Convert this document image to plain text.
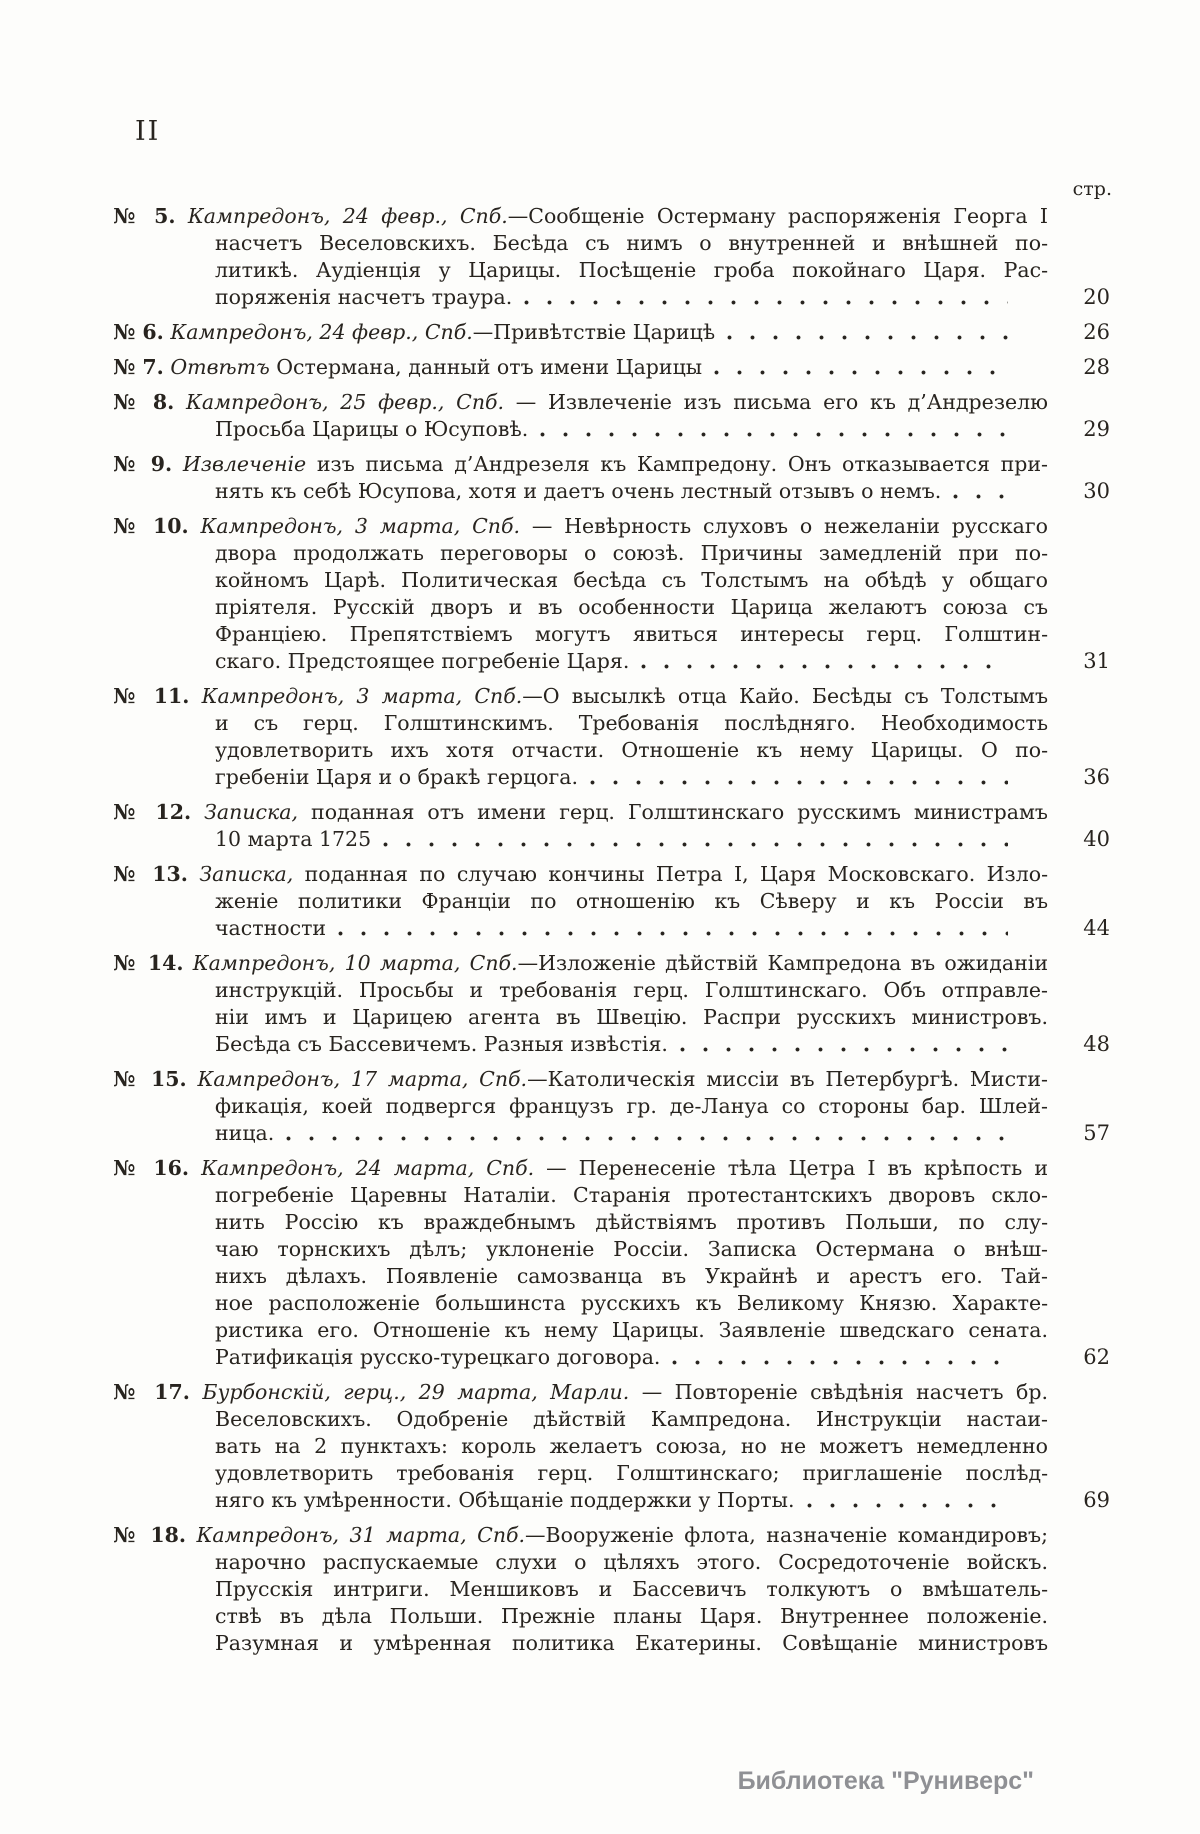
II
стр.
№ 5. Кампредонъ, 24 февр., Спб.—Сообщеніе Остерману распоряженія Георга I
насчетъ Веселовскихъ. Бесѣда съ нимъ о внутренней и внѣшней по-
литикѣ. Аудіенція у Царицы. Посѣщеніе гроба покойнаго Царя. Рас-
поряженія насчетъ траура.	20
№ 6. Кампредонъ, 24 февр., Спб.—Привѣтствіе Царицѣ	26
№ 7. Отвѣтъ Остермана, данный отъ имени Царицы	28
№ 8. Кампредонъ, 25 февр., Спб. — Извлеченіе изъ письма его къ д’Андрезелю
Просьба Царицы о Юсуповѣ.	29
№ 9. Извлеченіе изъ письма д’Андрезеля къ Кампредону. Онъ отказывается при-
нять къ себѣ Юсупова, хотя и даетъ очень лестный отзывъ о немъ.	30
№ 10. Кампредонъ, 3 марта, Спб. — Невѣрность слуховъ о нежеланіи русскаго
двора продолжать переговоры о союзѣ. Причины замедленій при по-
койномъ Царѣ. Политическая бесѣда съ Толстымъ на обѣдѣ у общаго
пріятеля. Русскій дворъ и въ особенности Царица желаютъ союза съ
Франціею. Препятствіемъ могутъ явиться интересы герц. Голштин-
скаго. Предстоящее погребеніе Царя.	31
№ 11. Кампредонъ, 3 марта, Спб.—О высылкѣ отца Кайо. Бесѣды съ Толстымъ
и съ герц. Голштинскимъ. Требованія послѣдняго. Необходимость
удовлетворить ихъ хотя отчасти. Отношеніе къ нему Царицы. О по-
гребеніи Царя и о бракѣ герцога.	36
№ 12. Записка, поданная отъ имени герц. Голштинскаго русскимъ министрамъ
10 марта 1725	40
№ 13. Записка, поданная по случаю кончины Петра I, Царя Московскаго. Изло-
женіе политики Франціи по отношенію къ Сѣверу и къ Россіи въ
частности	44
№ 14. Кампредонъ, 10 марта, Спб.—Изложеніе дѣйствій Кампредона въ ожиданіи
инструкцій. Просьбы и требованія герц. Голштинскаго. Объ отправле-
ніи имъ и Царицею агента въ Швецію. Распри русскихъ министровъ.
Бесѣда съ Бассевичемъ. Разныя извѣстія.	48
№ 15. Кампредонъ, 17 марта, Спб.—Католическія миссіи въ Петербургѣ. Мисти-
фикація, коей подвергся французъ гр. де-Лануа со стороны бар. Шлей-
ница.	57
№ 16. Кампредонъ, 24 марта, Спб. — Перенесеніе тѣла Цетра I въ крѣпость и
погребеніе Царевны Наталіи. Старанія протестантскихъ дворовъ скло-
нить Россію къ враждебнымъ дѣйствіямъ противъ Польши, по слу-
чаю торнскихъ дѣлъ; уклоненіе Россіи. Записка Остермана о внѣш-
нихъ дѣлахъ. Появленіе самозванца въ Украйнѣ и арестъ его. Тай-
ное расположеніе большинста русскихъ къ Великому Князю. Характе-
ристика его. Отношеніе къ нему Царицы. Заявленіе шведскаго сената.
Ратификація русско-турецкаго договора.	62
№ 17. Бурбонскій, герц., 29 марта, Марли. — Повтореніе свѣдѣнія насчетъ бр.
Веселовскихъ. Одобреніе дѣйствій Кампредона. Инструкціи настаи-
вать на 2 пунктахъ: король желаетъ союза, но не можетъ немедленно
удовлетворить требованія герц. Голштинскаго; приглашеніе послѣд-
няго къ умѣренности. Обѣщаніе поддержки у Порты.	69
№ 18. Кампредонъ, 31 марта, Спб.—Вооруженіе флота, назначеніе командировъ;
нарочно распускаемые слухи о цѣляхъ этого. Сосредоточеніе войскъ.
Прусскія интриги. Меншиковъ и Бассевичъ толкуютъ о вмѣшатель-
ствѣ въ дѣла Польши. Прежніе планы Царя. Внутреннее положеніе.
Разумная и умѣренная политика Екатерины. Совѣщаніе министровъ
Библиотека "Руниверс"
